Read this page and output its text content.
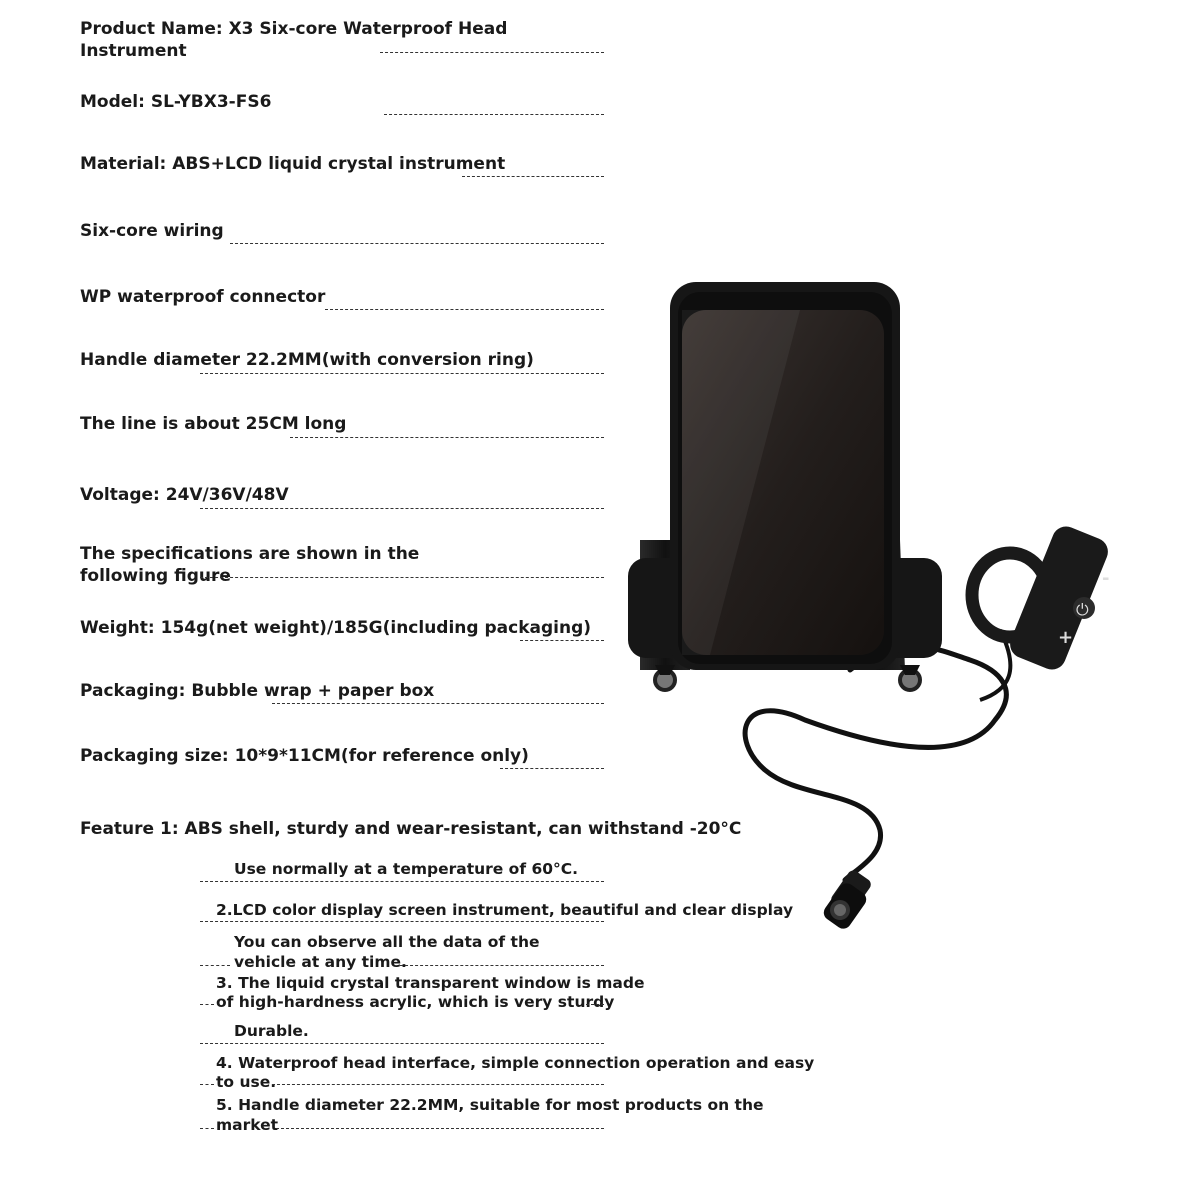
Product Name: X3 Six-core Waterproof Head
Instrument
Model: SL-YBX3-FS6
Material: ABS+LCD liquid crystal instrument
Six-core wiring
WP waterproof connector
Handle diameter 22.2MM(with conversion ring)
The line is about 25CM long
Voltage: 24V/36V/48V
The specifications are shown in the
following figure
Weight: 154g(net weight)/185G(including packaging)
Packaging: Bubble wrap + paper box
Packaging size: 10*9*11CM(for reference only)
Feature 1: ABS shell, sturdy and wear-resistant, can withstand -20°C
Use normally at a temperature of 60°C.
2.LCD color display screen instrument, beautiful and clear display
You can observe all the data of the
vehicle at any time.
3. The liquid crystal transparent window is made
of high-hardness acrylic, which is very sturdy
Durable.
4. Waterproof head interface, simple connection operation and easy
to use.
5. Handle diameter 22.2MM, suitable for most products on the
market
-
⏻
+
